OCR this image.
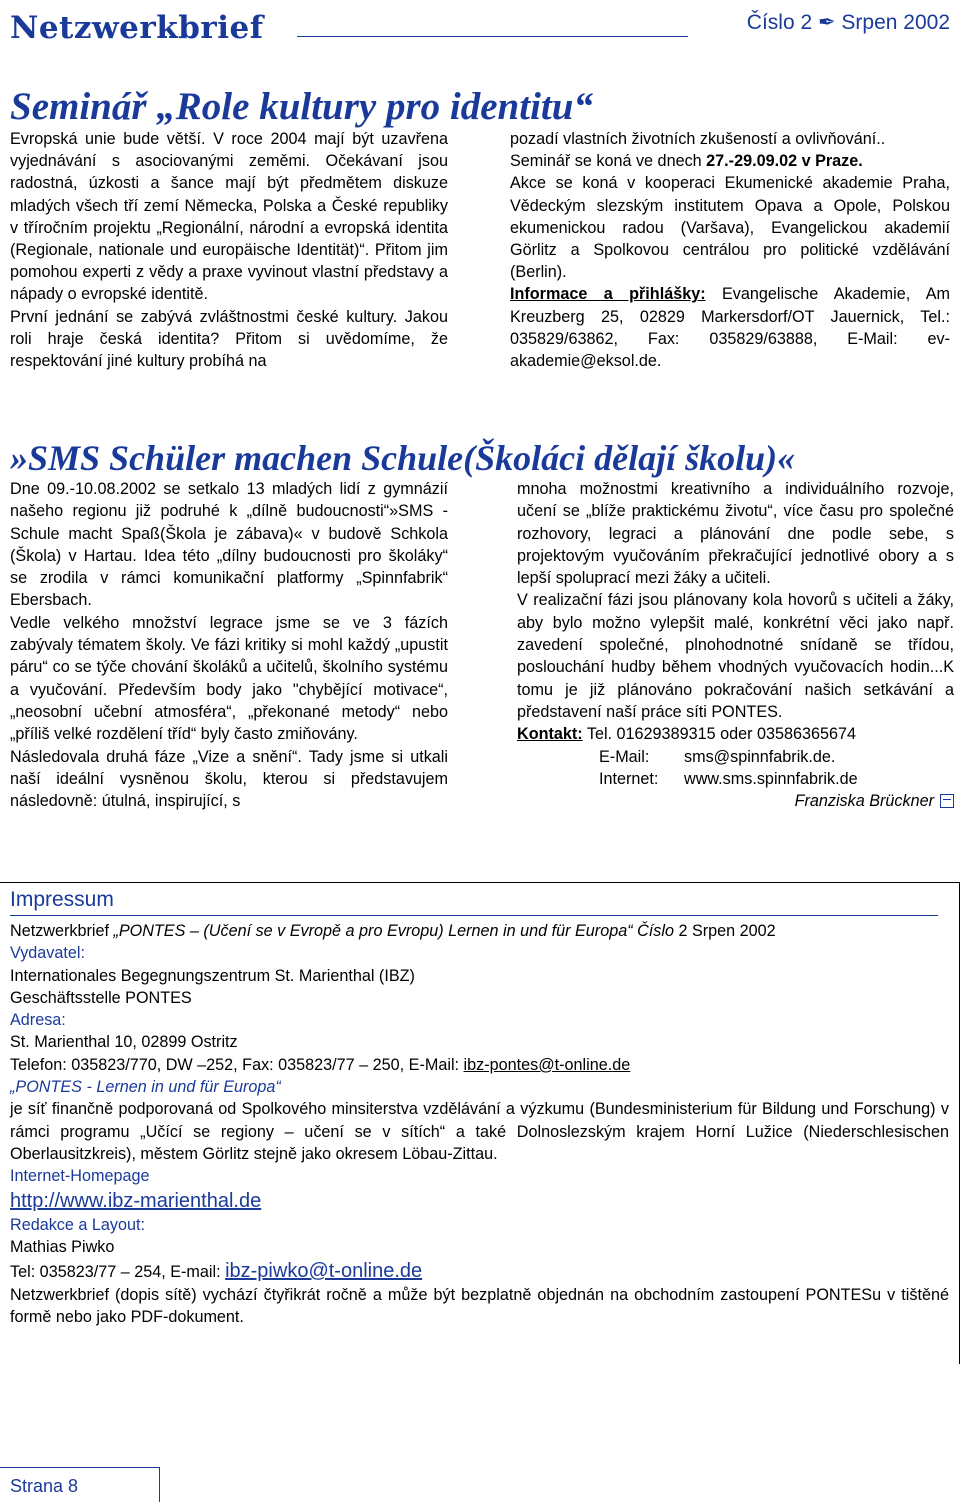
Netzwerkbrief	Číslo 2 ✒ Srpen 2002
Seminář „Role kultury pro identitu“

Evropská unie bude větší. V roce 2004 mají být uzavřena vyjednávání s asociovanými zeměmi. Očekávaní jsou radostná, úzkosti a šance mají být předmětem diskuze mladých všech tří zemí Německa, Polska a České republiky v tříročním projektu „Regionální, národní a evropská identita (Regionale, nationale und europäische Identität)“. Přitom jim pomohou experti z vědy a praxe vyvinout vlastní představy a nápady o evropské identitě.

První jednání se zabývá zvláštnostmi české kultury. Jakou roli hraje česká identita? Přitom si uvědomíme, že respektování jiné kultury probíhá na

pozadí vlastních životních zkušeností a ovlivňování..

Seminář se koná ve dnech 27.-29.09.02 v Praze.

Akce se koná v kooperaci Ekumenické akademie Praha, Vědeckým slezským institutem Opava a Opole, Polskou ekumenickou radou (Varšava), Evangelickou akademií Görlitz a Spolkovou centrálou pro politické vzdělávání (Berlin).

Informace a přihlášky: Evangelische Akademie, Am Kreuzberg 25, 02829 Markersdorf/OT Jauernick, Tel.: 035829/63862, Fax: 035829/63888, E-Mail: ev-akademie@eksol.de.

»SMS Schüler machen Schule(Školáci dělají školu)«

Dne 09.-10.08.2002 se setkalo 13 mladých lidí z gymnázií našeho regionu již podruhé k „dílně budoucnosti“»SMS - Schule macht Spaß(Škola je zábava)« v budově Schkola (Škola) v Hartau. Idea této „dílny budoucnosti pro školáky“ se zrodila v rámci komunikační platformy „Spinnfabrik“ Ebersbach.

Vedle velkého množství legrace jsme se ve 3 fázích zabývaly tématem školy. Ve fázi kritiky si mohl každý „upustit páru“ co se týče chování školáků a učitelů, školního systému a vyučování. Především body jako "chybějící motivace“, „neosobní učební atmosféra“, „překonané metody“ nebo „příliš velké rozdělení tříd“ byly často zmiňovány.

Následovala druhá fáze „Vize a snění“. Tady jsme si utkali naší ideální vysněnou školu, kterou si představujem následovně: útulná, inspirující, s

mnoha možnostmi kreativního a individuálního rozvoje, učení se „blíže praktickému životu“, více času pro společné rozhovory, legraci a plánování dne podle sebe, s projektovým vyučováním překračující jednotlivé obory a s lepší spoluprací mezi žáky a učiteli.

V realizační fázi jsou plánovany kola hovorů s učiteli a žáky, aby bylo možno vylepšit malé, konkrétní věci jako např. zavedení společné, plnohodnotné snídaně se třídou, poslouchání hudby během vhodných vyučovacích hodin...K tomu je již plánováno pokračování našich setkávání a představení naší práce síti PONTES.

Kontakt: Tel. 01629389315 oder 03586365674

E-Mail: sms@spinnfabrik.de.

Internet: www.sms.spinnfabrik.de

Franziska Brückner

Impressum

Netzwerkbrief „PONTES – (Učení se v Evropě a pro Evropu) Lernen in und für Europa“ Číslo 2 Srpen 2002

Vydavatel:

Internationales Begegnungszentrum St. Marienthal (IBZ)

Geschäftsstelle PONTES

Adresa:

St. Marienthal 10, 02899 Ostritz

Telefon: 035823/770, DW –252, Fax: 035823/77 – 250, E-Mail: ibz-pontes@t-online.de

„PONTES - Lernen in und für Europa“

je síť finančně podporovaná od Spolkového minsiterstva vzdělávání a výzkumu (Bundesministerium für Bildung und Forschung) v rámci programu „Učící se regiony – učení se v sítích“ a také Dolnoslezským krajem Horní Lužice (Niederschlesischen Oberlausitzkreis), městem Görlitz stejně jako okresem Löbau-Zittau.

Internet-Homepage

http://www.ibz-marienthal.de

Redakce a Layout:

Mathias Piwko

Tel: 035823/77 – 254, E-mail: ibz-piwko@t-online.de

Netzwerkbrief (dopis sítě) vychází čtyřikrát ročně a může být bezplatně objednán na obchodním zastoupení PONTESu v tištěné formě nebo jako PDF-dokument.

Strana 8
